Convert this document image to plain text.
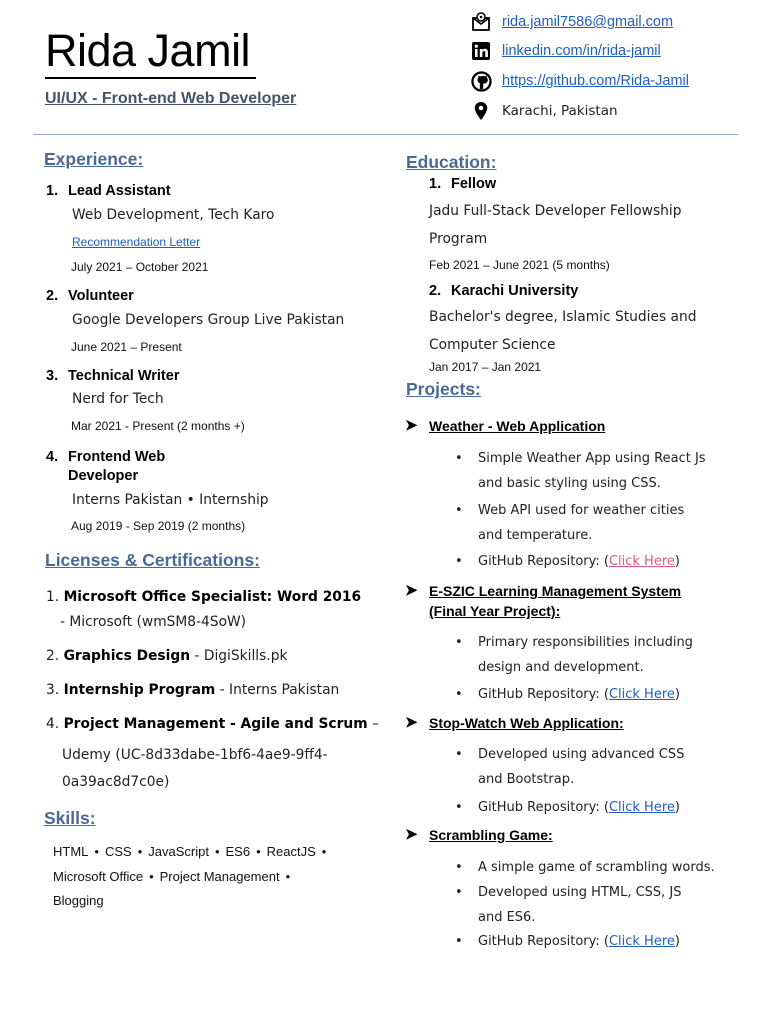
Rida Jamil
UI/UX - Front-end Web Developer
rida.jamil7586@gmail.com
linkedin.com/in/rida-jamil
https://github.com/Rida-Jamil
Karachi, Pakistan
Experience:
1. Lead Assistant
Web Development, Tech Karo
Recommendation Letter
July 2021 – October 2021
2. Volunteer
Google Developers Group Live Pakistan
June 2021 – Present
3. Technical Writer
Nerd for Tech
Mar 2021 - Present (2 months +)
4. Frontend Web
Developer
Interns Pakistan • Internship
Aug 2019 - Sep 2019 (2 months)
Licenses & Certifications:
1. Microsoft Office Specialist: Word 2016
- Microsoft (wmSM8-4SoW)
2. Graphics Design - DigiSkills.pk
3. Internship Program - Interns Pakistan
4. Project Management - Agile and Scrum –
Udemy (UC-8d33dabe-1bf6-4ae9-9ff4-
0a39ac8d7c0e)
Skills:
HTML • CSS • JavaScript • ES6 • ReactJS •
Microsoft Office • Project Management •
Blogging
Education:
1. Fellow
Jadu Full-Stack Developer Fellowship
Program
Feb 2021 – June 2021 (5 months)
2. Karachi University
Bachelor's degree, Islamic Studies and
Computer Science
Jan 2017 – Jan 2021
Projects:
➤ Weather - Web Application
•	Simple Weather App using React Js
and basic styling using CSS.
•	Web API used for weather cities
and temperature.
•	GitHub Repository: (Click Here)
➤ E-SZIC Learning Management System
(Final Year Project):
•	Primary responsibilities including
design and development.
•	GitHub Repository: (Click Here)
➤ Stop-Watch Web Application:
•	Developed using advanced CSS
and Bootstrap.
•	GitHub Repository: (Click Here)
➤ Scrambling Game:
•	A simple game of scrambling words.
•	Developed using HTML, CSS, JS
and ES6.
•	GitHub Repository: (Click Here)
